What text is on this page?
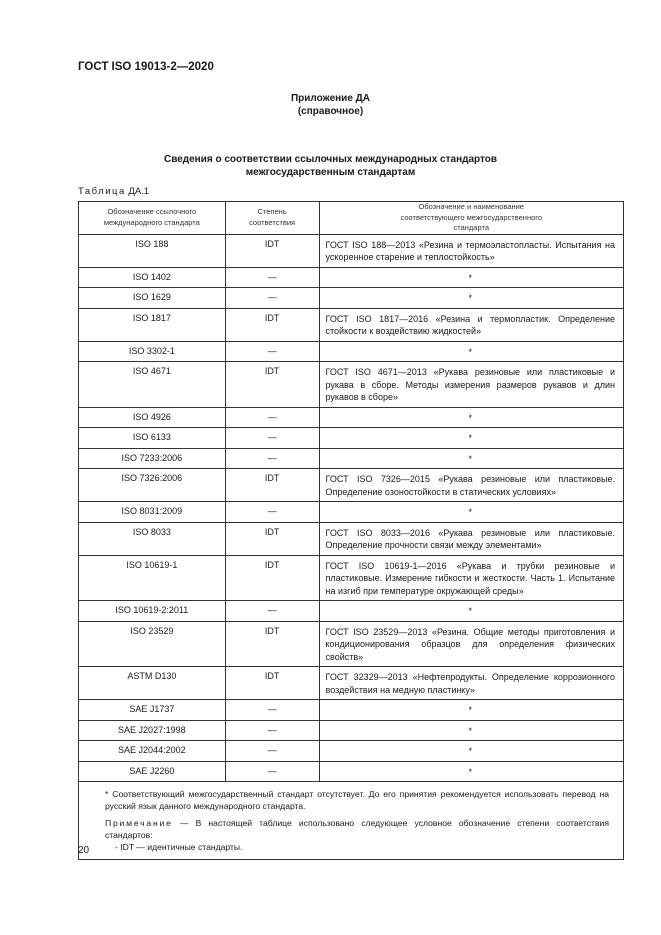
ГОСТ ISO 19013-2—2020
Приложение ДА
(справочное)
Сведения о соответствии ссылочных международных стандартов
межгосударственным стандартам
Таблица ДА.1
Обозначение ссылочного международного стандарта	Степень соответствия	Обозначение и наименование соответствующего межгосударственного стандарта
ISO 188	IDT	ГОСТ ISO 188—2013 «Резина и термоэластопласты. Испытания на ускоренное старение и теплостойкость»
ISO 1402	—	*
ISO 1629	—	*
ISO 1817	IDT	ГОСТ ISO 1817—2016 «Резина и термопластик. Определение стойкости к воздействию жидкостей»
ISO 3302-1	—	*
ISO 4671	IDT	ГОСТ ISO 4671—2013 «Рукава резиновые или пластиковые и рукава в сборе. Методы измерения размеров рукавов и длин рукавов в сборе»
ISO 4926	—	*
ISO 6133	—	*
ISO 7233:2006	—	*
ISO 7326:2006	IDT	ГОСТ ISO 7326—2015 «Рукава резиновые или пластиковые. Определение озоностойкости в статических условиях»
ISO 8031:2009	—	*
ISO 8033	IDT	ГОСТ ISO 8033—2016 «Рукава резиновые или пластиковые. Определение прочности связи между элементами»
ISO 10619-1	IDT	ГОСТ ISO 10619-1—2016 «Рукава и трубки резиновые и пластиковые. Измерение гибкости и жесткости. Часть 1. Испытание на изгиб при температуре окружающей среды»
ISO 10619-2:2011	—	*
ISO 23529	IDT	ГОСТ ISO 23529—2013 «Резина. Общие методы приготовления и кондиционирования образцов для определения физических свойств»
ASTM D130	IDT	ГОСТ 32329—2013 «Нефтепродукты. Определение коррозионного воздействия на медную пластинку»
SAE J1737	—	*
SAE J2027:1998	—	*
SAE J2044:2002	—	*
SAE J2260	—	*

* Соответствующий межгосударственный стандарт отсутствует. До его принятия рекомендуется использовать перевод на русский язык данного международного стандарта.

Примечание — В настоящей таблице использовано следующее условное обозначение степени соответствия стандартов:

- IDT — идентичные стандарты.		

20
